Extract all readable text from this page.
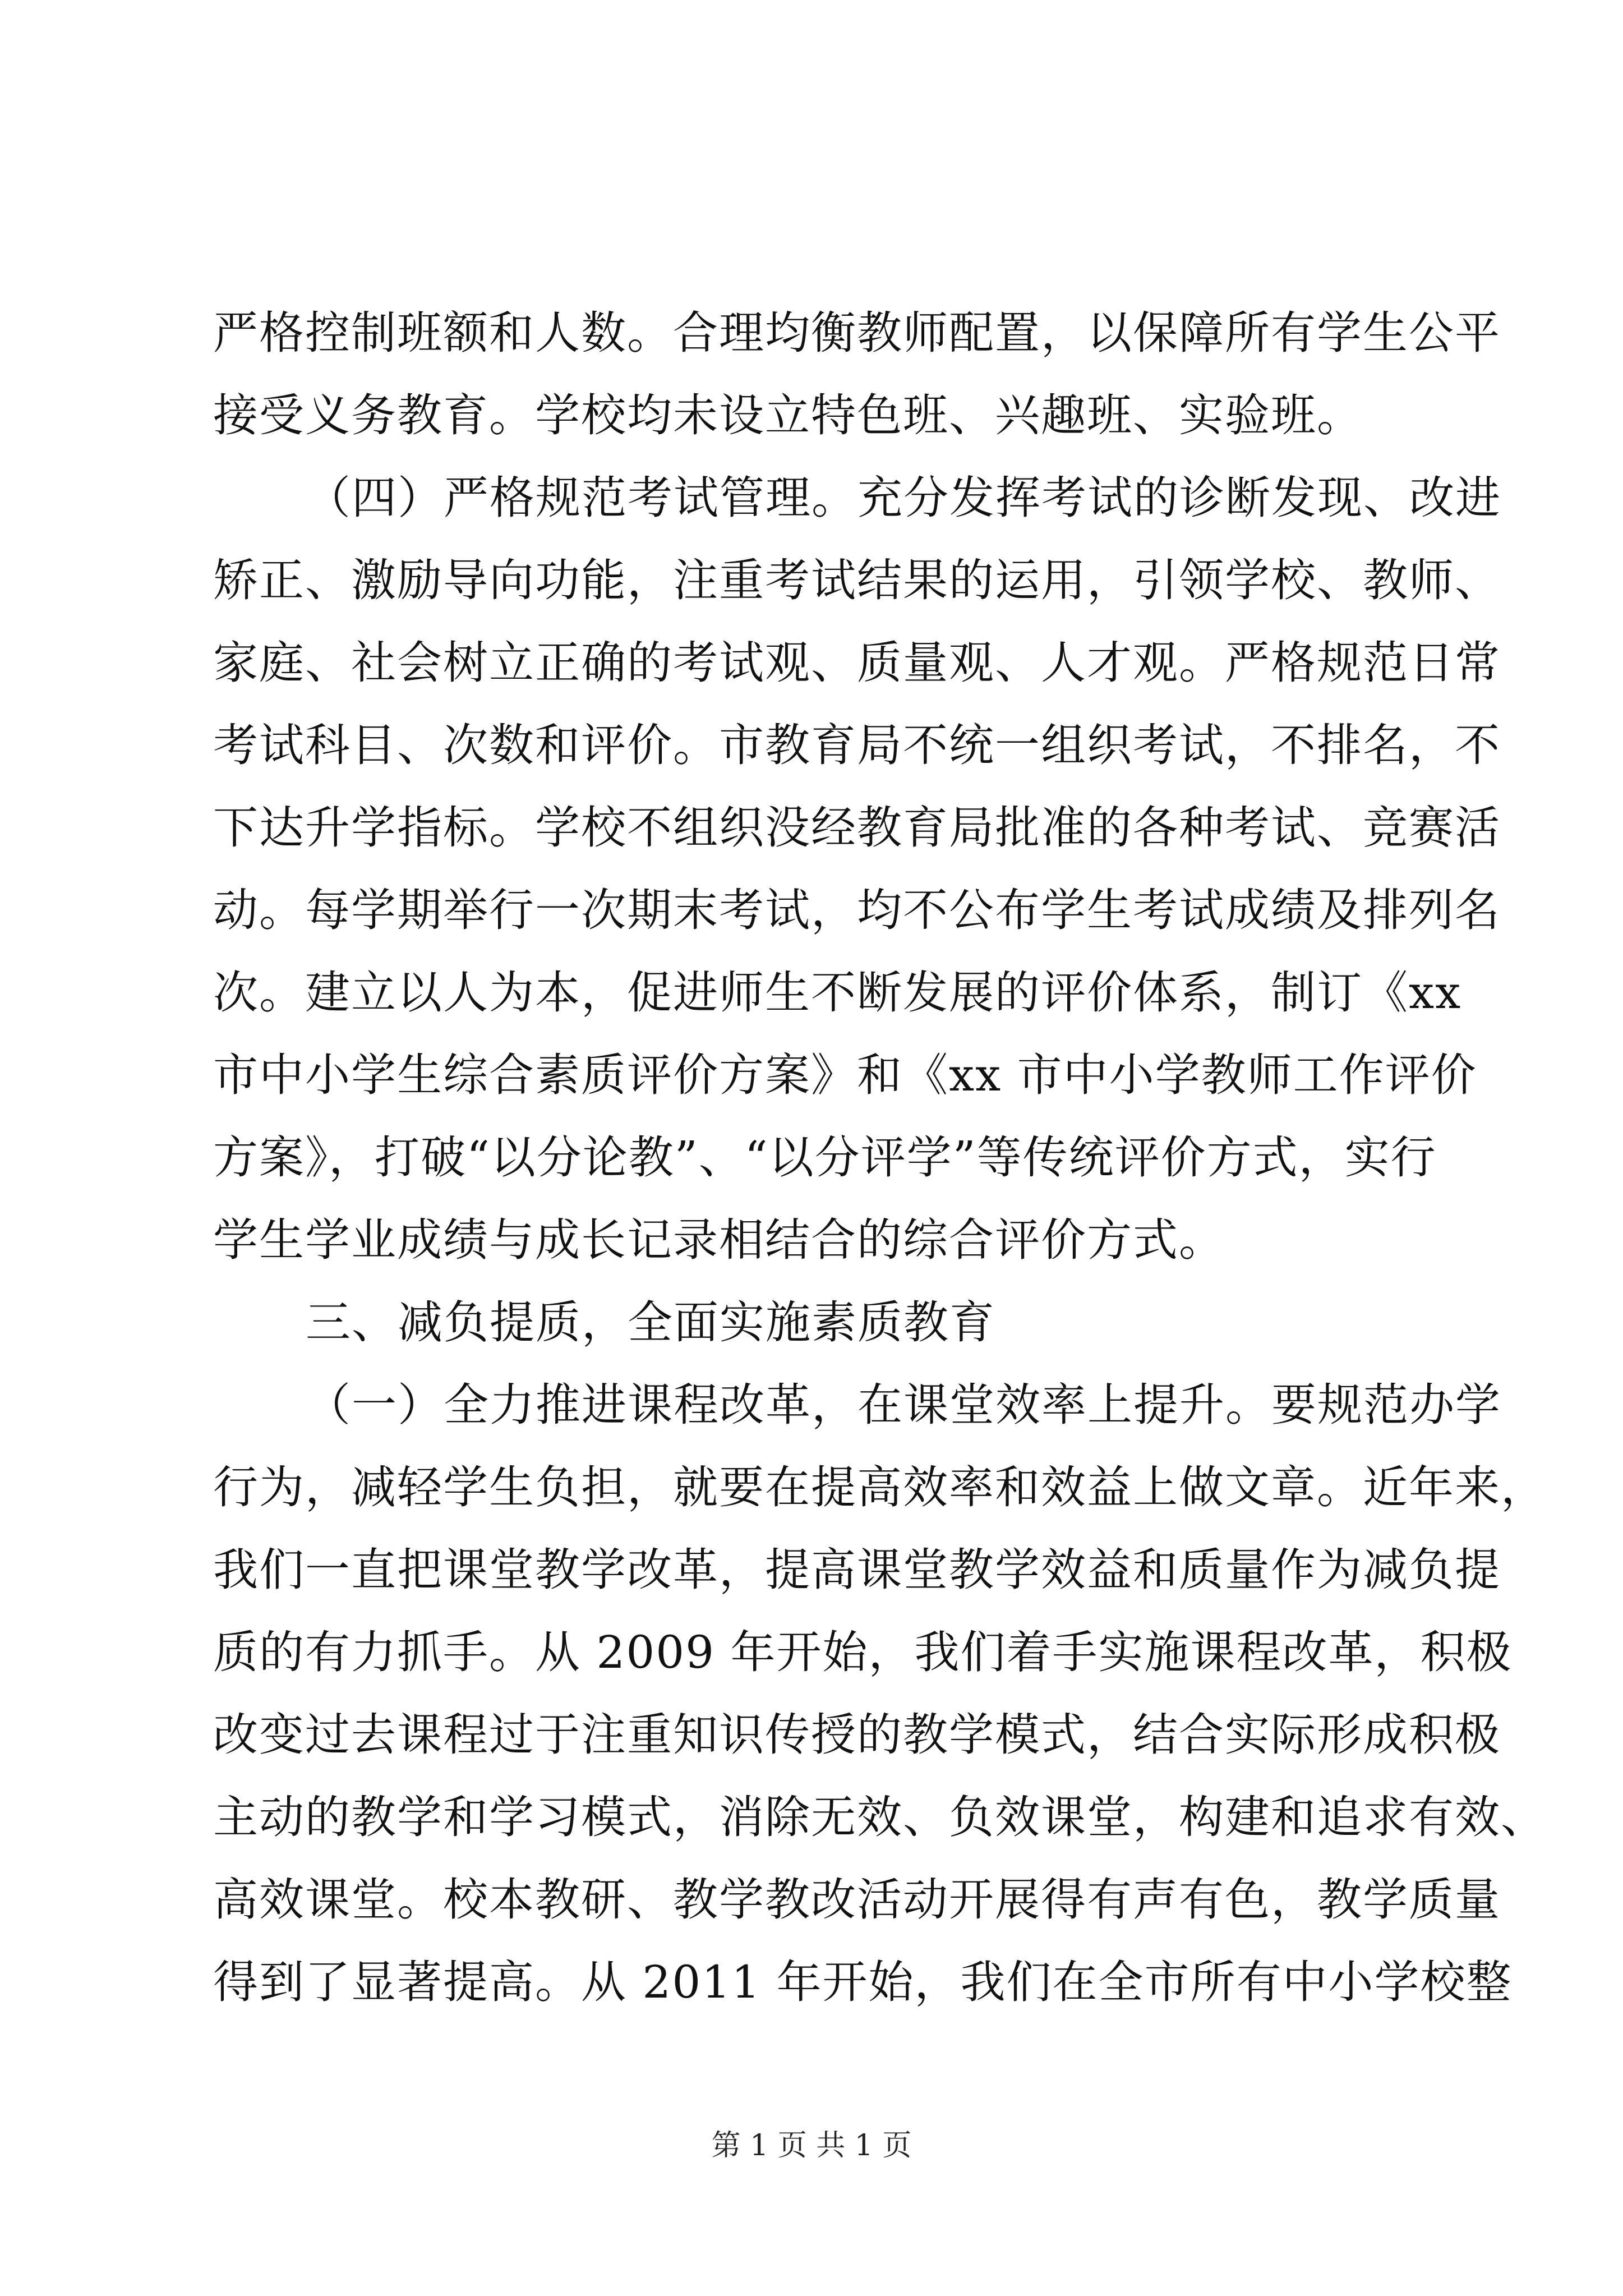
严格控制班额和人数。合理均衡教师配置，以保障所有学生公平
接受义务教育。学校均未设立特色班、兴趣班、实验班。
（四）严格规范考试管理。充分发挥考试的诊断发现、改进
矫正、激励导向功能，注重考试结果的运用，引领学校、教师、
家庭、社会树立正确的考试观、质量观、人才观。严格规范日常
考试科目、次数和评价。市教育局不统一组织考试，不排名，不
下达升学指标。学校不组织没经教育局批准的各种考试、竞赛活
动。每学期举行一次期末考试，均不公布学生考试成绩及排列名
次。建立以人为本，促进师生不断发展的评价体系，制订《xx
市中小学生综合素质评价方案》和《xx 市中小学教师工作评价
方案》，打破“以分论教”、“以分评学”等传统评价方式，实行
学生学业成绩与成长记录相结合的综合评价方式。
三、减负提质，全面实施素质教育
（一）全力推进课程改革，在课堂效率上提升。要规范办学
行为，减轻学生负担，就要在提高效率和效益上做文章。近年来，
我们一直把课堂教学改革，提高课堂教学效益和质量作为减负提
质的有力抓手。从 2009 年开始，我们着手实施课程改革，积极
改变过去课程过于注重知识传授的教学模式，结合实际形成积极
主动的教学和学习模式，消除无效、负效课堂，构建和追求有效、
高效课堂。校本教研、教学教改活动开展得有声有色，教学质量
得到了显著提高。从 2011 年开始，我们在全市所有中小学校整
第 1 页 共 1 页
